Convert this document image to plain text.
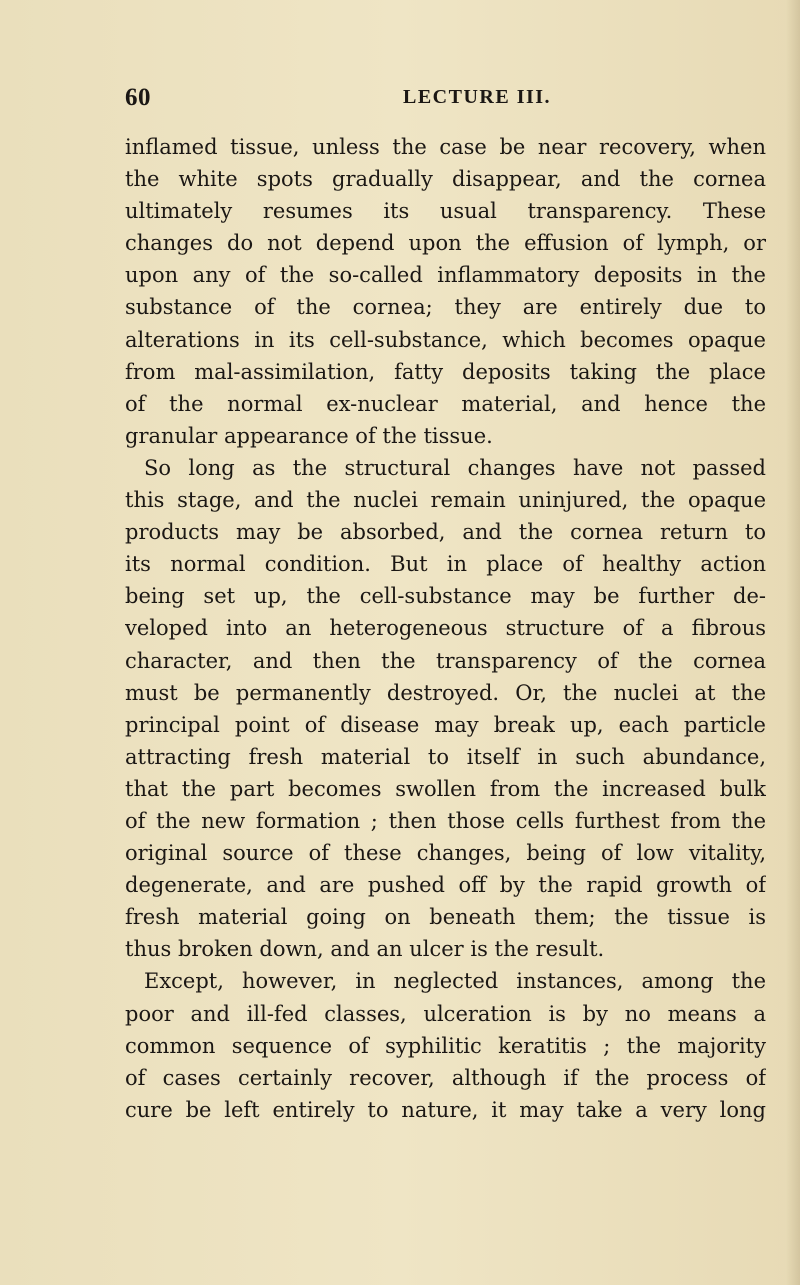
60	LECTURE III.
inflamed tissue, unless the case be near recovery, when
the white spots gradually disappear, and the cornea
ultimately resumes its usual transparency. These
changes do not depend upon the effusion of lymph, or
upon any of the so-called inflammatory deposits in the
substance of the cornea; they are entirely due to
alterations in its cell-substance, which becomes opaque
from mal-assimilation, fatty deposits taking the place
of the normal ex-nuclear material, and hence the
granular appearance of the tissue.
So long as the structural changes have not passed
this stage, and the nuclei remain uninjured, the opaque
products may be absorbed, and the cornea return to
its normal condition. But in place of healthy action
being set up, the cell-substance may be further de-
veloped into an heterogeneous structure of a fibrous
character, and then the transparency of the cornea
must be permanently destroyed. Or, the nuclei at the
principal point of disease may break up, each particle
attracting fresh material to itself in such abundance,
that the part becomes swollen from the increased bulk
of the new formation ; then those cells furthest from the
original source of these changes, being of low vitality,
degenerate, and are pushed off by the rapid growth of
fresh material going on beneath them; the tissue is
thus broken down, and an ulcer is the result.
Except, however, in neglected instances, among the
poor and ill-fed classes, ulceration is by no means a
common sequence of syphilitic keratitis ; the majority
of cases certainly recover, although if the process of
cure be left entirely to nature, it may take a very long
